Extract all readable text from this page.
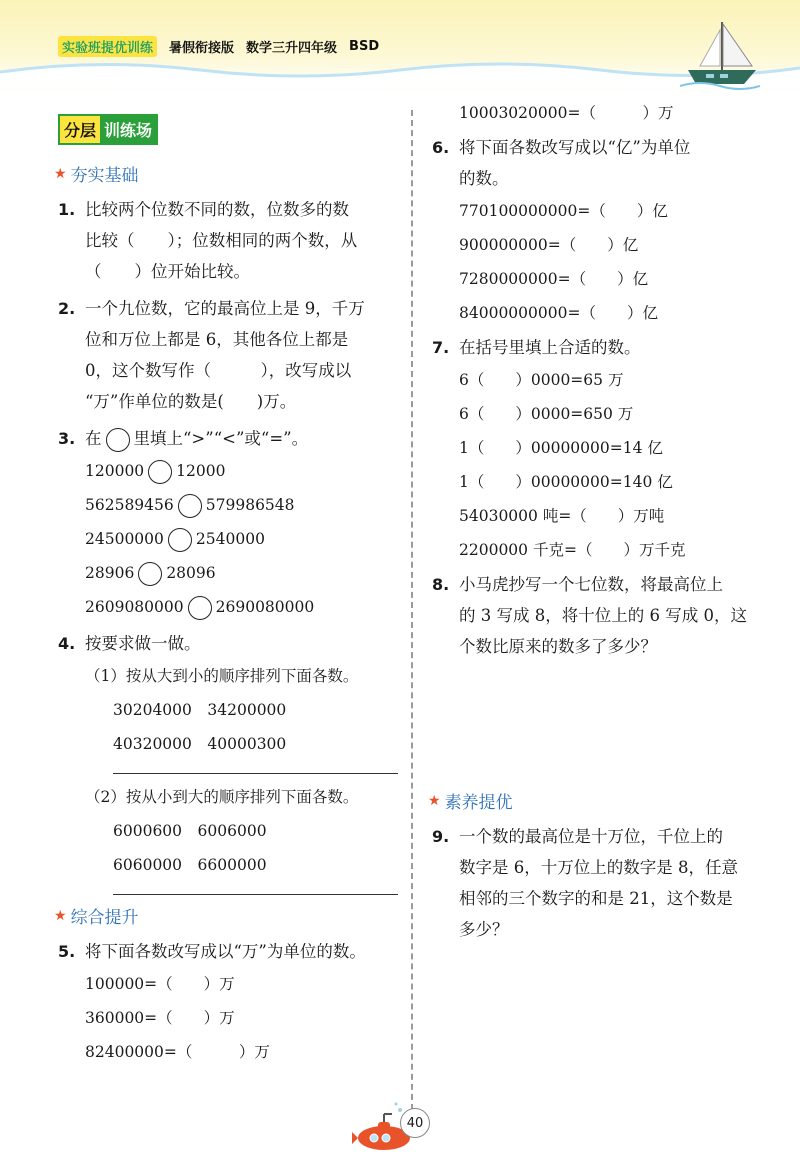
实验班提优训练	暑假衔接版 数学三升四年级 BSD
分层 训练场
★ 夯实基础
1. 比较两个位数不同的数，位数多的数
比较（　　）；位数相同的两个数，从
（　　）位开始比较。
2. 一个九位数，它的最高位上是 9，千万
位和万位上都是 6，其他各位上都是
0，这个数写作（　　　），改写成以
“万”作单位的数是(　　)万。
3. 在 里填上“>”“<”或“=”。
120000 12000
562589456 579986548
24500000 2540000
28906 28096
2609080000 2690080000
4. 按要求做一做。
（1）按从大到小的顺序排列下面各数。
30204000　34200000
40320000　40000300
（2）按从小到大的顺序排列下面各数。
6000600　6006000
6060000　6600000
★ 综合提升
5. 将下面各数改写成以“万”为单位的数。
100000=（　　）万
360000=（　　）万
82400000=（　　　）万
10003020000=（　　　）万
6. 将下面各数改写成以“亿”为单位
的数。
770100000000=（　　）亿
900000000=（　　）亿
7280000000=（　　）亿
84000000000=（　　）亿
7. 在括号里填上合适的数。
6（　　）0000=65 万
6（　　）0000=650 万
1（　　）00000000=14 亿
1（　　）00000000=140 亿
54030000 吨=（　　）万吨
2200000 千克=（　　）万千克
8. 小马虎抄写一个七位数，将最高位上
的 3 写成 8，将十位上的 6 写成 0，这
个数比原来的数多了多少？
★ 素养提优
9. 一个数的最高位是十万位，千位上的
数字是 6，十万位上的数字是 8，任意
相邻的三个数字的和是 21，这个数是
多少？
40
